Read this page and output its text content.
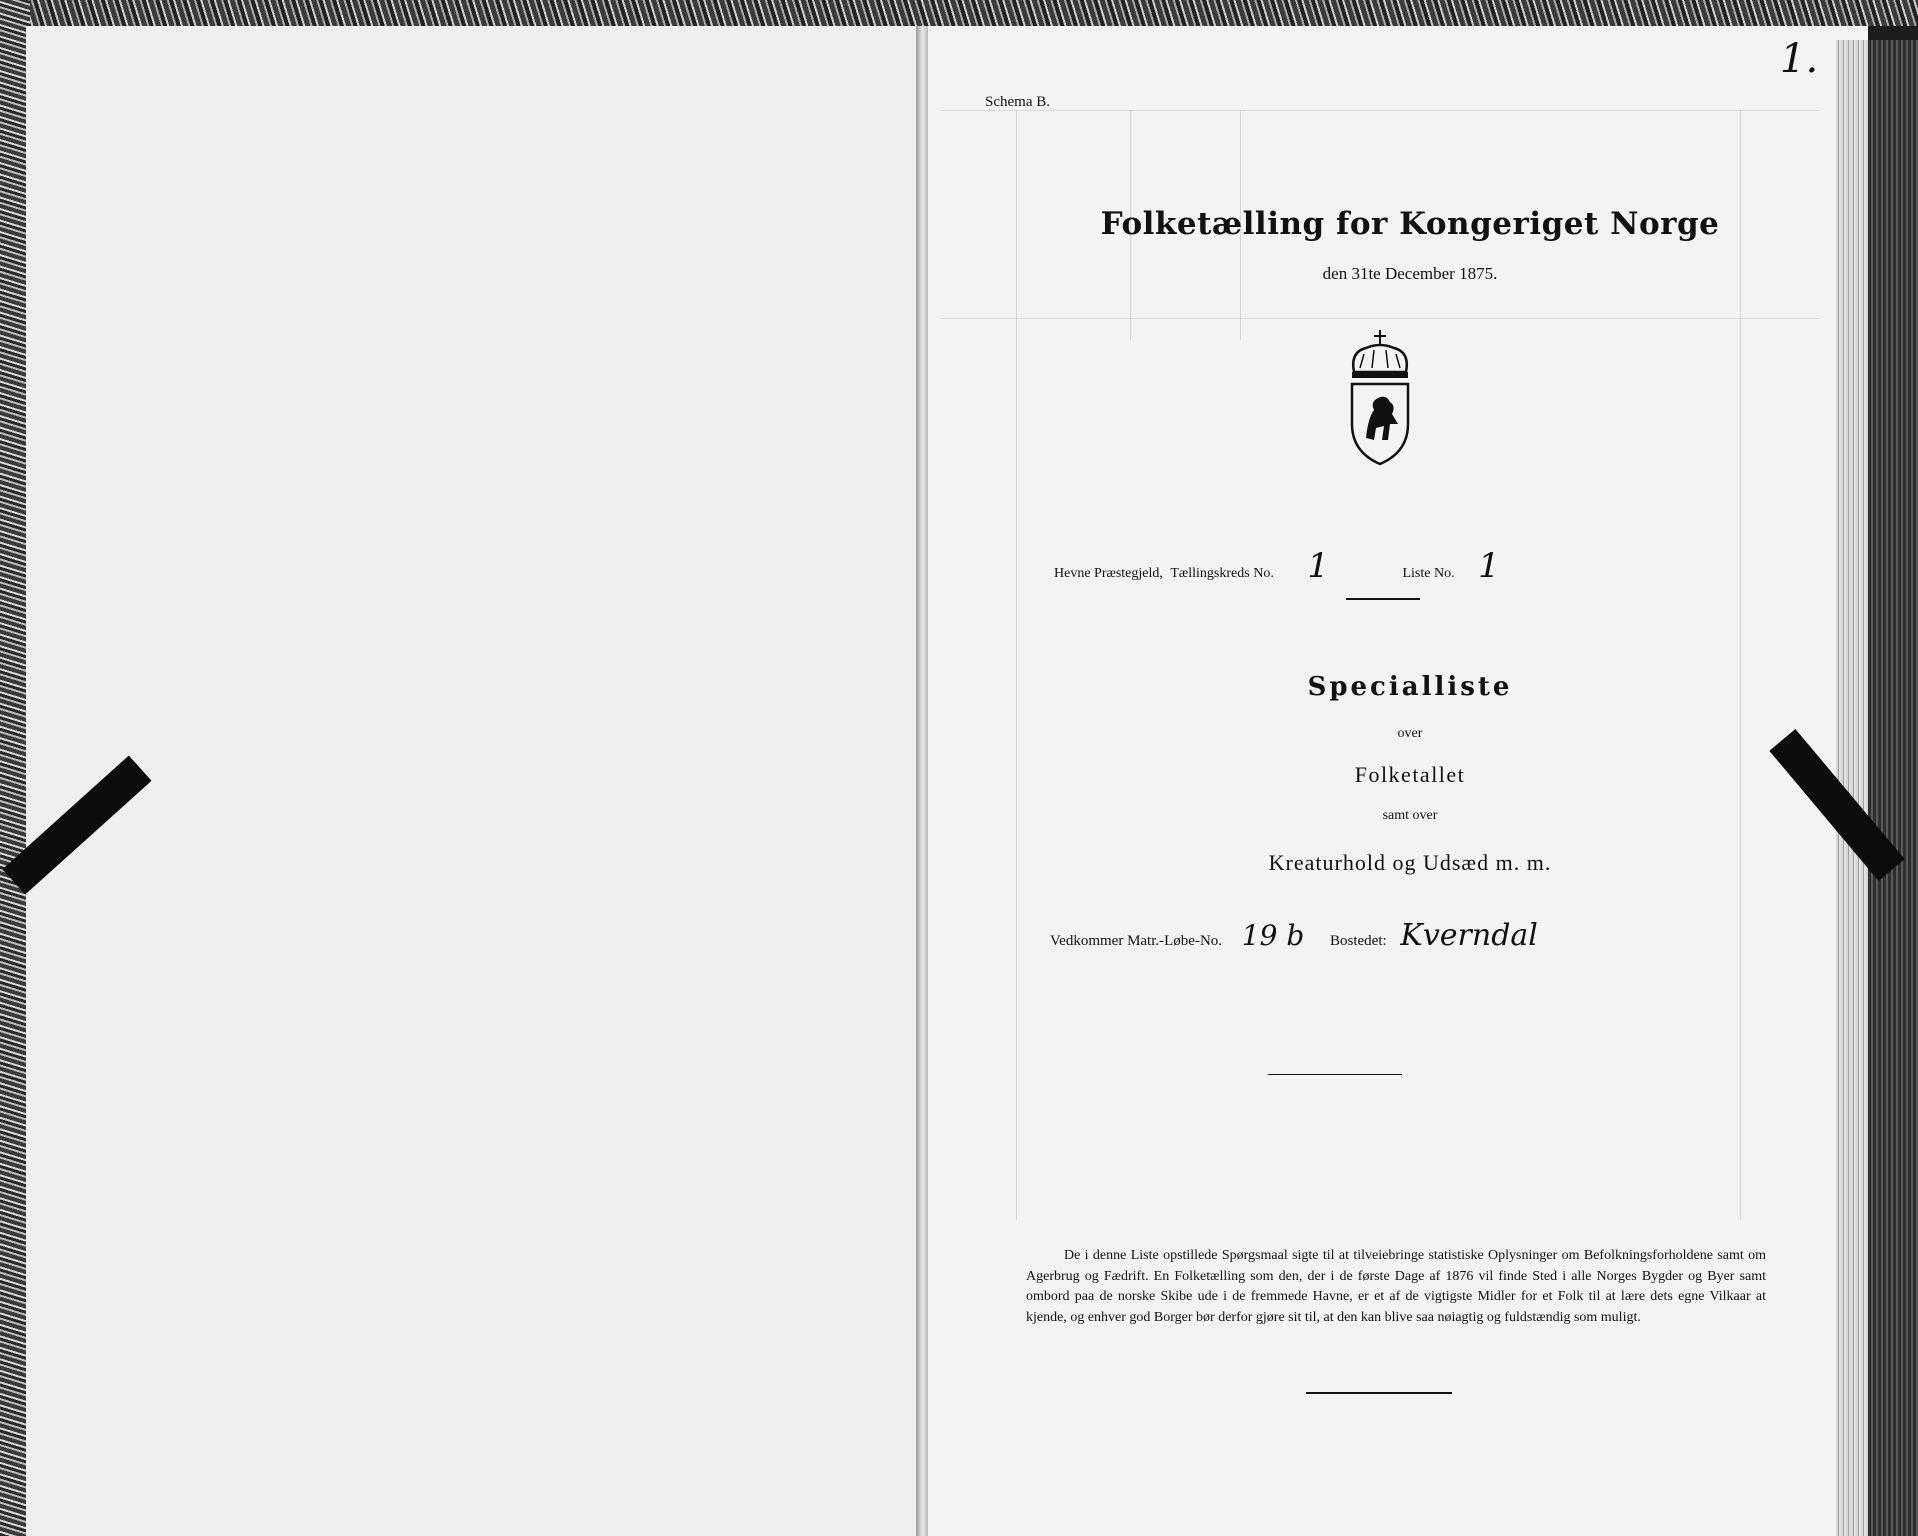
Schema B.
1.
Folketælling for Kongeriget Norge
den 31te December 1875.
Hevne Præstegjeld, Tællingskreds No. 1	Liste No. 1
Specialliste
over
Folketallet
samt over
Kreaturhold og Udsæd m. m.
Vedkommer Matr.-Løbe-No. 19 b Bostedet: Kverndal

De i denne Liste opstillede Spørgsmaal sigte til at tilveiebringe statistiske Oplysninger om Befolkningsforholdene samt om Agerbrug og Fædrift. En Folketælling som den, der i de første Dage af 1876 vil finde Sted i alle Norges Bygder og Byer samt ombord paa de norske Skibe ude i de fremmede Havne, er et af de vigtigste Midler for et Folk til at lære dets egne Vilkaar at kjende, og enhver god Borger bør derfor gjøre sit til, at den kan blive saa nøiagtig og fuldstændig som muligt.
